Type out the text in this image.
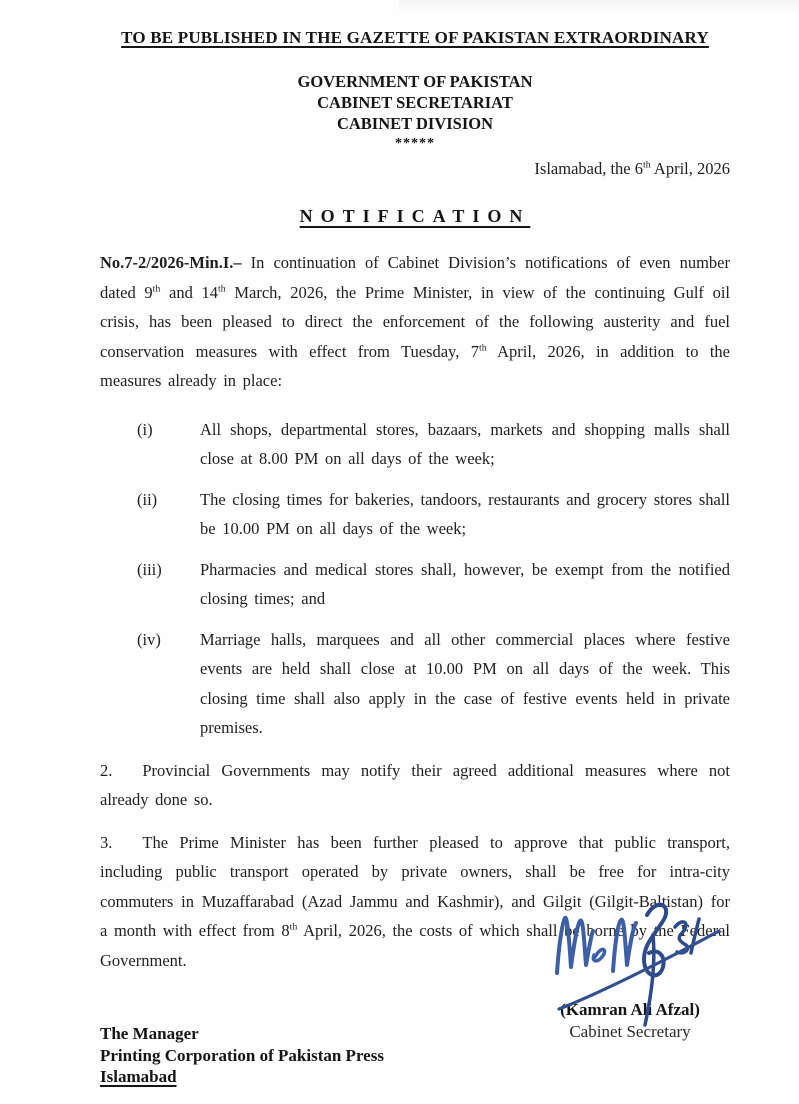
TO BE PUBLISHED IN THE GAZETTE OF PAKISTAN EXTRAORDINARY
GOVERNMENT OF PAKISTAN
CABINET SECRETARIAT
CABINET DIVISION
*****
Islamabad, the 6th April, 2026
NOTIFICATION

No.7-2/2026-Min.I.– In continuation of Cabinet Division’s notifications of even number dated 9th and 14th March, 2026, the Prime Minister, in view of the continuing Gulf oil crisis, has been pleased to direct the enforcement of the following austerity and fuel conservation measures with effect from Tuesday, 7th April, 2026, in addition to the measures already in place:

(i)	All shops, departmental stores, bazaars, markets and shopping malls shall close at 8.00 PM on all days of the week;
(ii)	The closing times for bakeries, tandoors, restaurants and grocery stores shall be 10.00 PM on all days of the week;
(iii)	Pharmacies and medical stores shall, however, be exempt from the notified closing times; and
(iv)	Marriage halls, marquees and all other commercial places where festive events are held shall close at 10.00 PM on all days of the week. This closing time shall also apply in the case of festive events held in private premises.

2. Provincial Governments may notify their agreed additional measures where not already done so.

3. The Prime Minister has been further pleased to approve that public transport, including public transport operated by private owners, shall be free for intra-city commuters in Muzaffarabad (Azad Jammu and Kashmir), and Gilgit (Gilgit-Baltistan) for a month with effect from 8th April, 2026, the costs of which shall be borne by the Federal Government.

(Kamran Ali Afzal)
Cabinet Secretary
The Manager
Printing Corporation of Pakistan Press
Islamabad
